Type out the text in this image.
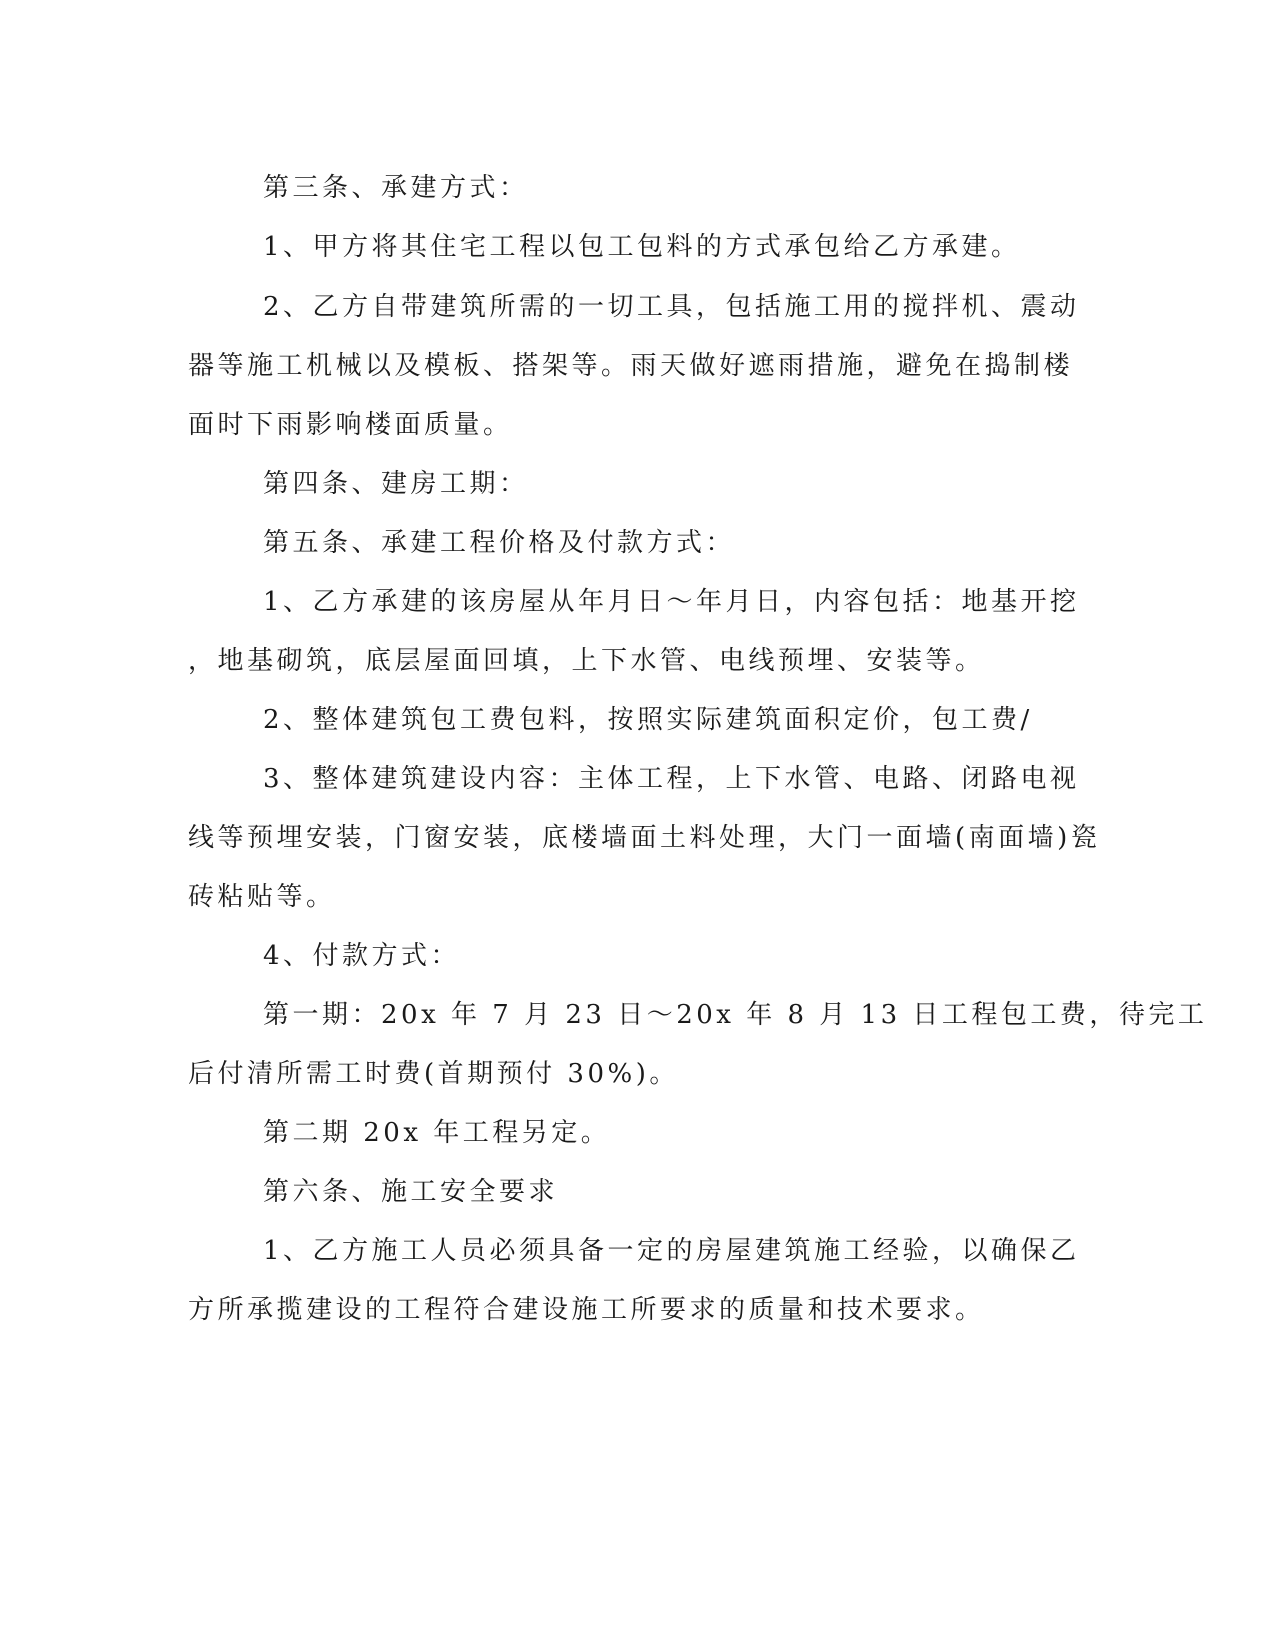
第三条、承建方式：
1、甲方将其住宅工程以包工包料的方式承包给乙方承建。
2、乙方自带建筑所需的一切工具，包括施工用的搅拌机、震动
器等施工机械以及模板、搭架等。雨天做好遮雨措施，避免在捣制楼
面时下雨影响楼面质量。
第四条、建房工期：
第五条、承建工程价格及付款方式：
1、乙方承建的该房屋从年月日～年月日，内容包括：地基开挖
，地基砌筑，底层屋面回填，上下水管、电线预埋、安装等。
2、整体建筑包工费包料，按照实际建筑面积定价，包工费/
3、整体建筑建设内容：主体工程，上下水管、电路、闭路电视
线等预埋安装，门窗安装，底楼墙面土料处理，大门一面墙(南面墙)瓷
砖粘贴等。
4、付款方式：
第一期：20x 年 7 月 23 日～20x 年 8 月 13 日工程包工费，待完工
后付清所需工时费(首期预付 30%)。
第二期 20x 年工程另定。
第六条、施工安全要求
1、乙方施工人员必须具备一定的房屋建筑施工经验，以确保乙
方所承揽建设的工程符合建设施工所要求的质量和技术要求。
